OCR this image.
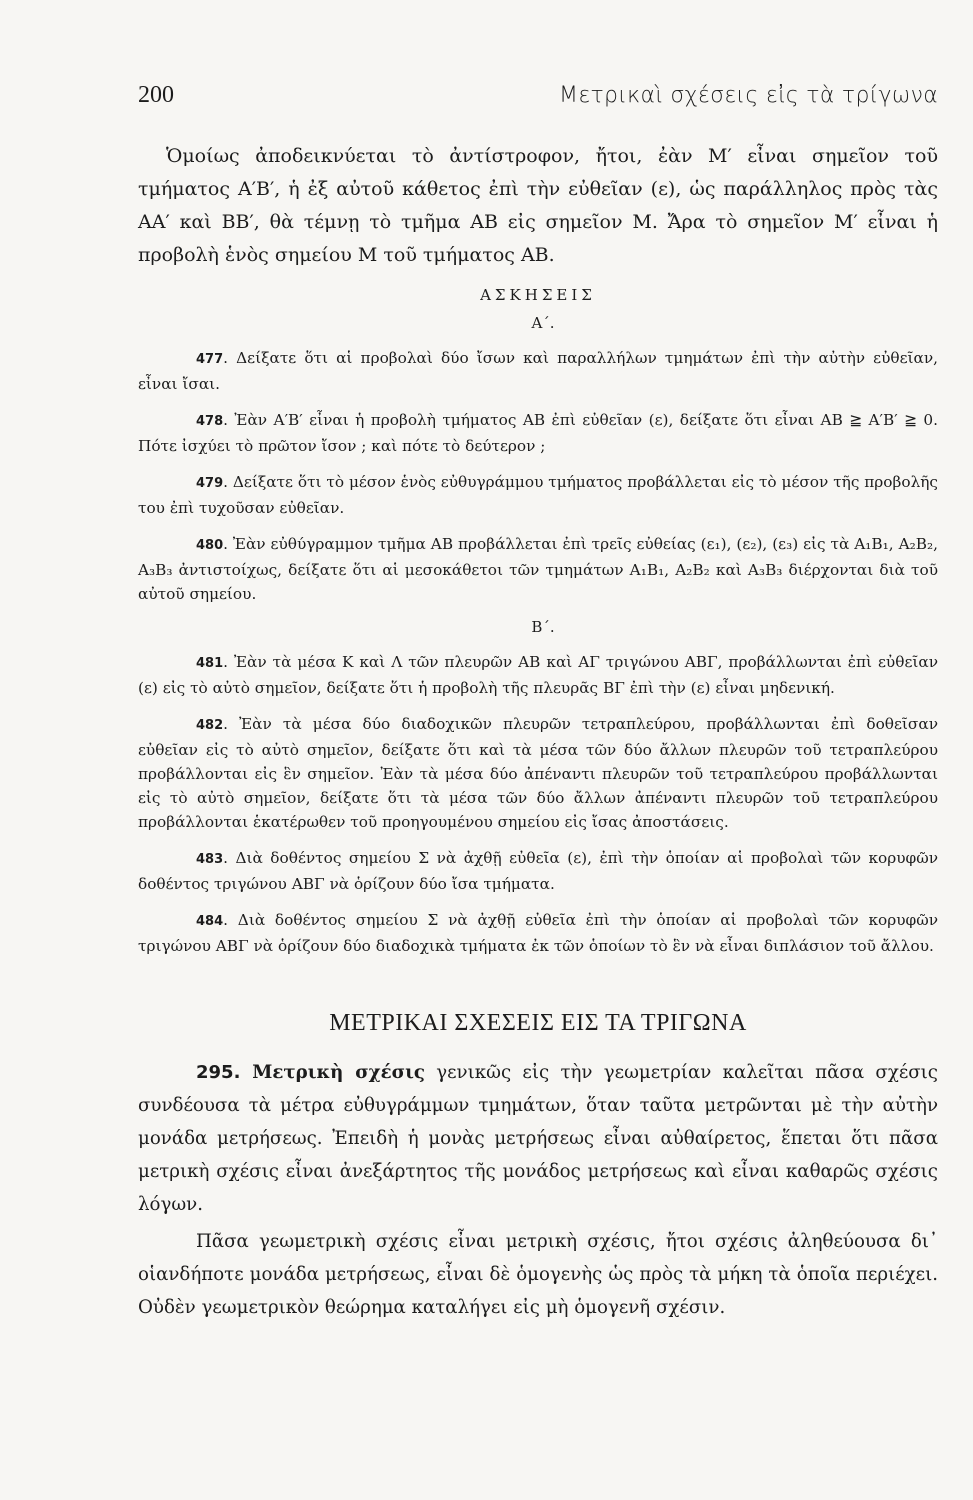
200	Μετρικαὶ σχέσεις εἰς τὰ τρίγωνα

Ὁμοίως ἀποδεικνύεται τὸ ἀντίστροφον, ἤτοι, ἐὰν M′ εἶναι σημεῖον τοῦ τμήματος A′B′, ἡ ἐξ αὐτοῦ κάθετος ἐπὶ τὴν εὐθεῖαν (ε), ὡς παράλληλος πρὸς τὰς AA′ καὶ BB′, θὰ τέμνῃ τὸ τμῆμα AB εἰς σημεῖον M. Ἄρα τὸ σημεῖον M′ εἶναι ἡ προβολὴ ἑνὸς σημείου M τοῦ τμήματος AB.

ΑΣΚΗΣΕΙΣ
Α΄.

477. Δείξατε ὅτι αἱ προβολαὶ δύο ἴσων καὶ παραλλήλων τμημάτων ἐπὶ τὴν αὐτὴν εὐθεῖαν, εἶναι ἴσαι.

478. Ἐὰν A′B′ εἶναι ἡ προβολὴ τμήματος AB ἐπὶ εὐθεῖαν (ε), δείξατε ὅτι εἶναι AB ≧ A′B′ ≧ 0. Πότε ἰσχύει τὸ πρῶτον ἴσον ; καὶ πότε τὸ δεύτερον ;

479. Δείξατε ὅτι τὸ μέσον ἑνὸς εὐθυγράμμου τμήματος προβάλλεται εἰς τὸ μέσον τῆς προβολῆς του ἐπὶ τυχοῦσαν εὐθεῖαν.

480. Ἐὰν εὐθύγραμμον τμῆμα AB προβάλλεται ἐπὶ τρεῖς εὐθείας (ε₁), (ε₂), (ε₃) εἰς τὰ A₁B₁, A₂B₂, A₃B₃ ἀντιστοίχως, δείξατε ὅτι αἱ μεσοκάθετοι τῶν τμημάτων A₁B₁, A₂B₂ καὶ A₃B₃ διέρχονται διὰ τοῦ αὐτοῦ σημείου.

Β΄.

481. Ἐὰν τὰ μέσα K καὶ Λ τῶν πλευρῶν AB καὶ AΓ τριγώνου ABΓ, προβάλλωνται ἐπὶ εὐθεῖαν (ε) εἰς τὸ αὐτὸ σημεῖον, δείξατε ὅτι ἡ προβολὴ τῆς πλευρᾶς BΓ ἐπὶ τὴν (ε) εἶναι μηδενική.

482. Ἐὰν τὰ μέσα δύο διαδοχικῶν πλευρῶν τετραπλεύρου, προβάλλωνται ἐπὶ δοθεῖσαν εὐθεῖαν εἰς τὸ αὐτὸ σημεῖον, δείξατε ὅτι καὶ τὰ μέσα τῶν δύο ἄλλων πλευρῶν τοῦ τετραπλεύρου προβάλλονται εἰς ἓν σημεῖον. Ἐὰν τὰ μέσα δύο ἀπέναντι πλευρῶν τοῦ τετραπλεύρου προβάλλωνται εἰς τὸ αὐτὸ σημεῖον, δείξατε ὅτι τὰ μέσα τῶν δύο ἄλλων ἀπέναντι πλευρῶν τοῦ τετραπλεύρου προβάλλονται ἑκατέρωθεν τοῦ προηγουμένου σημείου εἰς ἴσας ἀποστάσεις.

483. Διὰ δοθέντος σημείου Σ νὰ ἀχθῇ εὐθεῖα (ε), ἐπὶ τὴν ὁποίαν αἱ προβολαὶ τῶν κορυφῶν δοθέντος τριγώνου ABΓ νὰ ὁρίζουν δύο ἴσα τμήματα.

484. Διὰ δοθέντος σημείου Σ νὰ ἀχθῇ εὐθεῖα ἐπὶ τὴν ὁποίαν αἱ προβολαὶ τῶν κορυφῶν τριγώνου ABΓ νὰ ὁρίζουν δύο διαδοχικὰ τμήματα ἐκ τῶν ὁποίων τὸ ἓν νὰ εἶναι διπλάσιον τοῦ ἄλλου.

ΜΕΤΡΙΚΑΙ ΣΧΕΣΕΙΣ ΕΙΣ ΤΑ ΤΡΙΓΩΝΑ

295. Μετρικὴ σχέσις γενικῶς εἰς τὴν γεωμετρίαν καλεῖται πᾶσα σχέσις συνδέουσα τὰ μέτρα εὐθυγράμμων τμημάτων, ὅταν ταῦτα μετρῶνται μὲ τὴν αὐτὴν μονάδα μετρήσεως. Ἐπειδὴ ἡ μονὰς μετρήσεως εἶναι αὐθαίρετος, ἕπεται ὅτι πᾶσα μετρικὴ σχέσις εἶναι ἀνεξάρτητος τῆς μονάδος μετρήσεως καὶ εἶναι καθαρῶς σχέσις λόγων.

Πᾶσα γεωμετρικὴ σχέσις εἶναι μετρικὴ σχέσις, ἤτοι σχέσις ἀληθεύουσα δι᾽ οἱανδήποτε μονάδα μετρήσεως, εἶναι δὲ ὁμογενὴς ὡς πρὸς τὰ μήκη τὰ ὁποῖα περιέχει. Οὐδὲν γεωμετρικὸν θεώρημα καταλήγει εἰς μὴ ὁμογενῆ σχέσιν.
